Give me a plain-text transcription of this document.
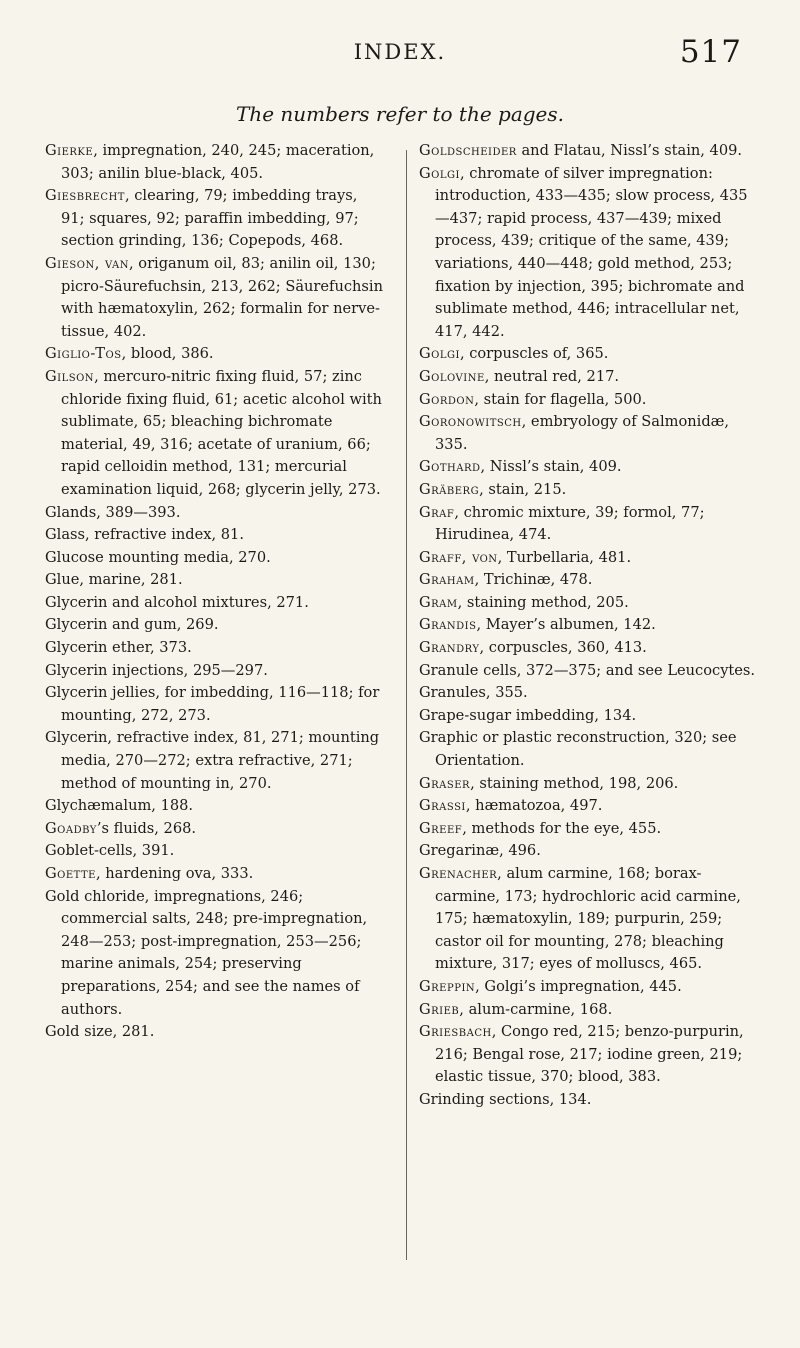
INDEX.	517
The numbers refer to the pages.

Gierke, impregnation, 240, 245; maceration, 303; anilin blue-black, 405.

Giesbrecht, clearing, 79; imbedding trays, 91; squares, 92; paraffin imbedding, 97; section grinding, 136; Copepods, 468.

Gieson, van, origanum oil, 83; anilin oil, 130; picro-Säurefuchsin, 213, 262; Säurefuchsin with hæmatoxylin, 262; formalin for nerve-tissue, 402.

Giglio-Tos, blood, 386.

Gilson, mercuro-nitric fixing fluid, 57; zinc chloride fixing fluid, 61; acetic alcohol with sublimate, 65; bleaching bichromate material, 49, 316; acetate of uranium, 66; rapid celloidin method, 131; mercurial examination liquid, 268; glycerin jelly, 273.

Glands, 389—393.

Glass, refractive index, 81.

Glucose mounting media, 270.

Glue, marine, 281.

Glycerin and alcohol mixtures, 271.

Glycerin and gum, 269.

Glycerin ether, 373.

Glycerin injections, 295—297.

Glycerin jellies, for imbedding, 116—118; for mounting, 272, 273.

Glycerin, refractive index, 81, 271; mounting media, 270—272; extra refractive, 271; method of mounting in, 270.

Glychæmalum, 188.

Goadby’s fluids, 268.

Goblet-cells, 391.

Goette, hardening ova, 333.

Gold chloride, impregnations, 246; commercial salts, 248; pre-impregnation, 248—253; post-impregnation, 253—256; marine animals, 254; preserving preparations, 254; and see the names of authors.

Gold size, 281.

Goldscheider and Flatau, Nissl’s stain, 409.

Golgi, chromate of silver impregnation: introduction, 433—435; slow process, 435—437; rapid process, 437—439; mixed process, 439; critique of the same, 439; variations, 440—448; gold method, 253; fixation by injection, 395; bichromate and sublimate method, 446; intracellular net, 417, 442.

Golgi, corpuscles of, 365.

Golovine, neutral red, 217.

Gordon, stain for flagella, 500.

Goronowitsch, embryology of Salmonidæ, 335.

Gothard, Nissl’s stain, 409.

Gräberg, stain, 215.

Graf, chromic mixture, 39; formol, 77; Hirudinea, 474.

Graff, von, Turbellaria, 481.

Graham, Trichinæ, 478.

Gram, staining method, 205.

Grandis, Mayer’s albumen, 142.

Grandry, corpuscles, 360, 413.

Granule cells, 372—375; and see Leucocytes.

Granules, 355.

Grape-sugar imbedding, 134.

Graphic or plastic reconstruction, 320; see Orientation.

Graser, staining method, 198, 206.

Grassi, hæmatozoa, 497.

Greef, methods for the eye, 455.

Gregarinæ, 496.

Grenacher, alum carmine, 168; borax-carmine, 173; hydrochloric acid carmine, 175; hæmatoxylin, 189; purpurin, 259; castor oil for mounting, 278; bleaching mixture, 317; eyes of molluscs, 465.

Greppin, Golgi’s impregnation, 445.

Grieb, alum-carmine, 168.

Griesbach, Congo red, 215; benzo-purpurin, 216; Bengal rose, 217; iodine green, 219; elastic tissue, 370; blood, 383.

Grinding sections, 134.
